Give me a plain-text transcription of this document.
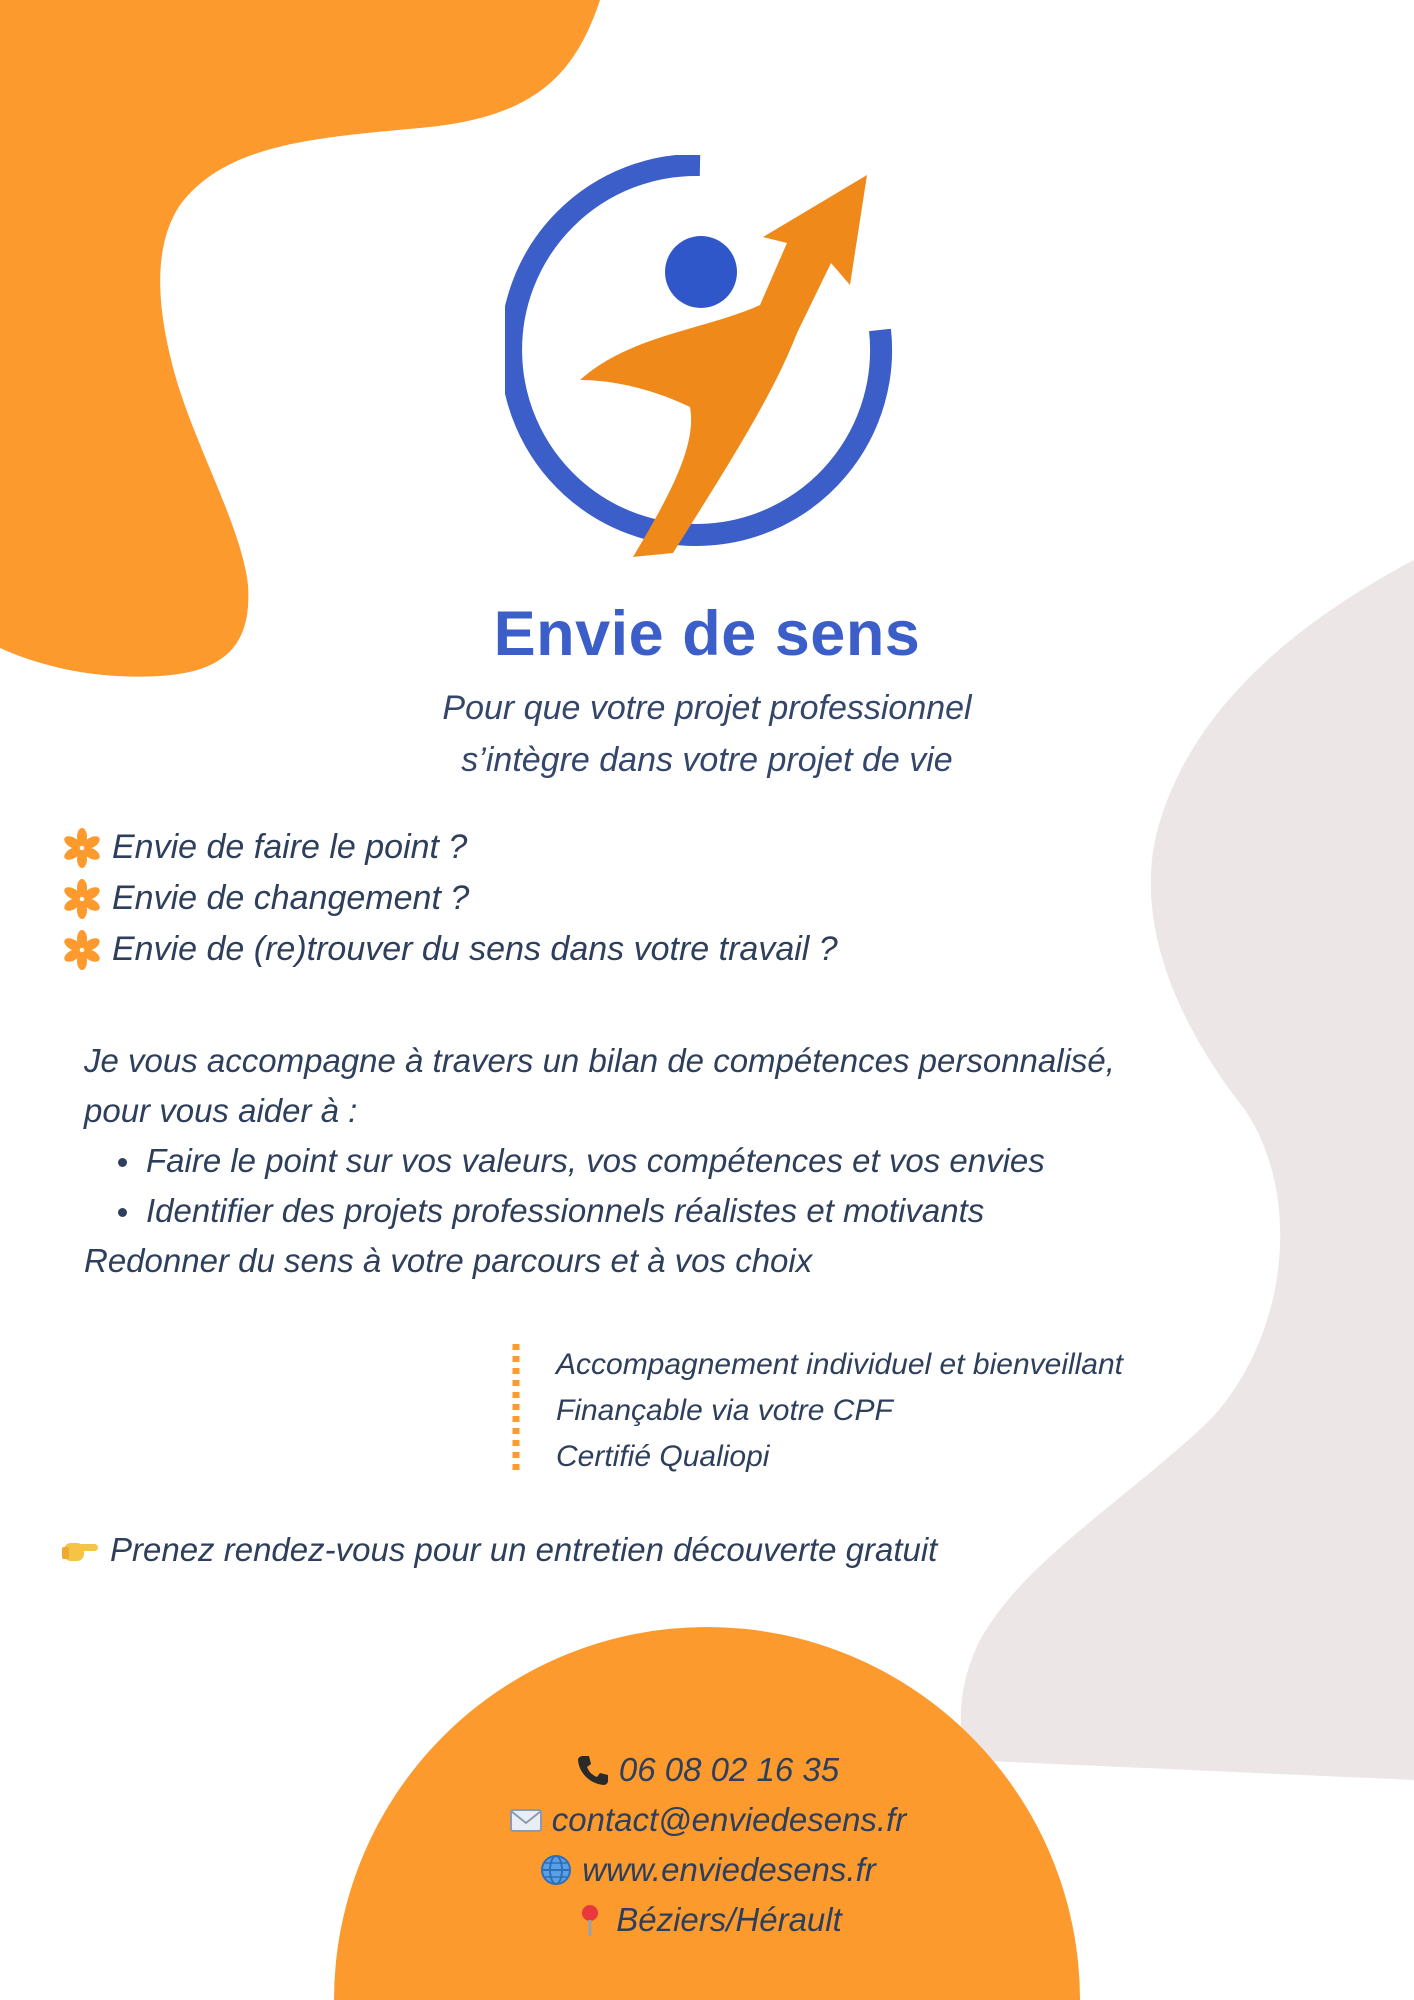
Envie de sens
Pour que votre projet professionnel
s’intègre dans votre projet de vie
Envie de faire le point ?
Envie de changement ?
Envie de (re)trouver du sens dans votre travail ?
Je vous accompagne à travers un bilan de compétences personnalisé,
pour vous aider à :
Faire le point sur vos valeurs, vos compétences et vos envies
Identifier des projets professionnels réalistes et motivants
Redonner du sens à votre parcours et à vos choix
Accompagnement individuel et bienveillant
Finançable via votre CPF
Certifié Qualiopi
Prenez rendez-vous pour un entretien découverte gratuit
06 08 02 16 35
contact@enviedesens.fr
www.enviedesens.fr
Béziers/Hérault
